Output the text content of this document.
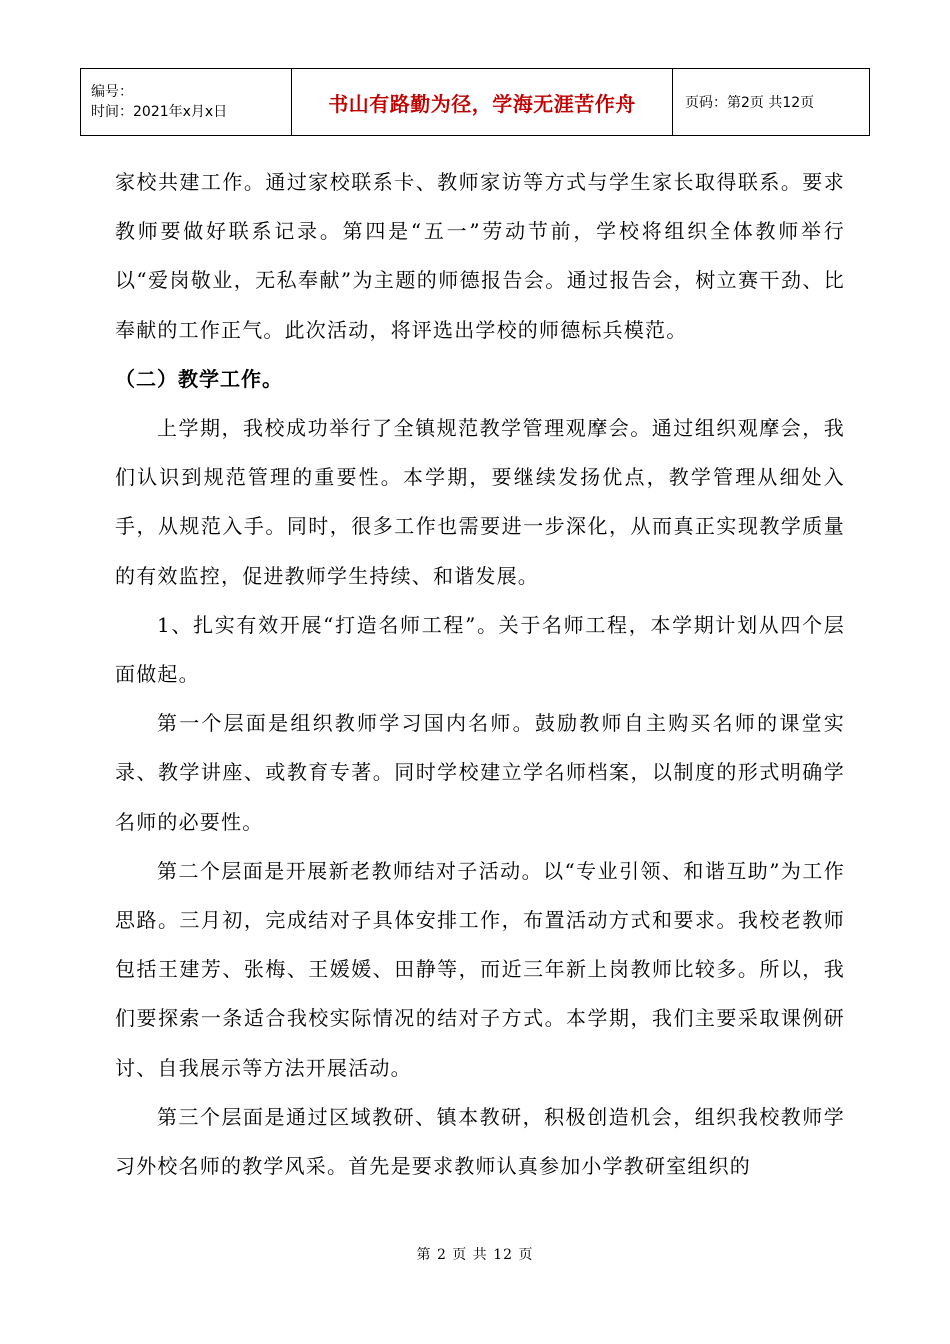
编号：
时间：2021年x月x日	书山有路勤为径，学海无涯苦作舟	页码：第2页 共12页

家校共建工作。通过家校联系卡、教师家访等方式与学生家长取得联系。要求教师要做好联系记录。第四是“五一”劳动节前，学校将组织全体教师举行以“爱岗敬业，无私奉献”为主题的师德报告会。通过报告会，树立赛干劲、比奉献的工作正气。此次活动，将评选出学校的师德标兵模范。

（二）教学工作。

上学期，我校成功举行了全镇规范教学管理观摩会。通过组织观摩会，我们认识到规范管理的重要性。本学期，要继续发扬优点，教学管理从细处入手，从规范入手。同时，很多工作也需要进一步深化，从而真正实现教学质量的有效监控，促进教师学生持续、和谐发展。

1、扎实有效开展“打造名师工程”。关于名师工程，本学期计划从四个层面做起。

第一个层面是组织教师学习国内名师。鼓励教师自主购买名师的课堂实录、教学讲座、或教育专著。同时学校建立学名师档案，以制度的形式明确学名师的必要性。

第二个层面是开展新老教师结对子活动。以“专业引领、和谐互助”为工作思路。三月初，完成结对子具体安排工作，布置活动方式和要求。我校老教师包括王建芳、张梅、王媛媛、田静等，而近三年新上岗教师比较多。所以，我们要探索一条适合我校实际情况的结对子方式。本学期，我们主要采取课例研讨、自我展示等方法开展活动。

第三个层面是通过区域教研、镇本教研，积极创造机会，组织我校教师学习外校名师的教学风采。首先是要求教师认真参加小学教研室组织的

第 2 页 共 12 页
